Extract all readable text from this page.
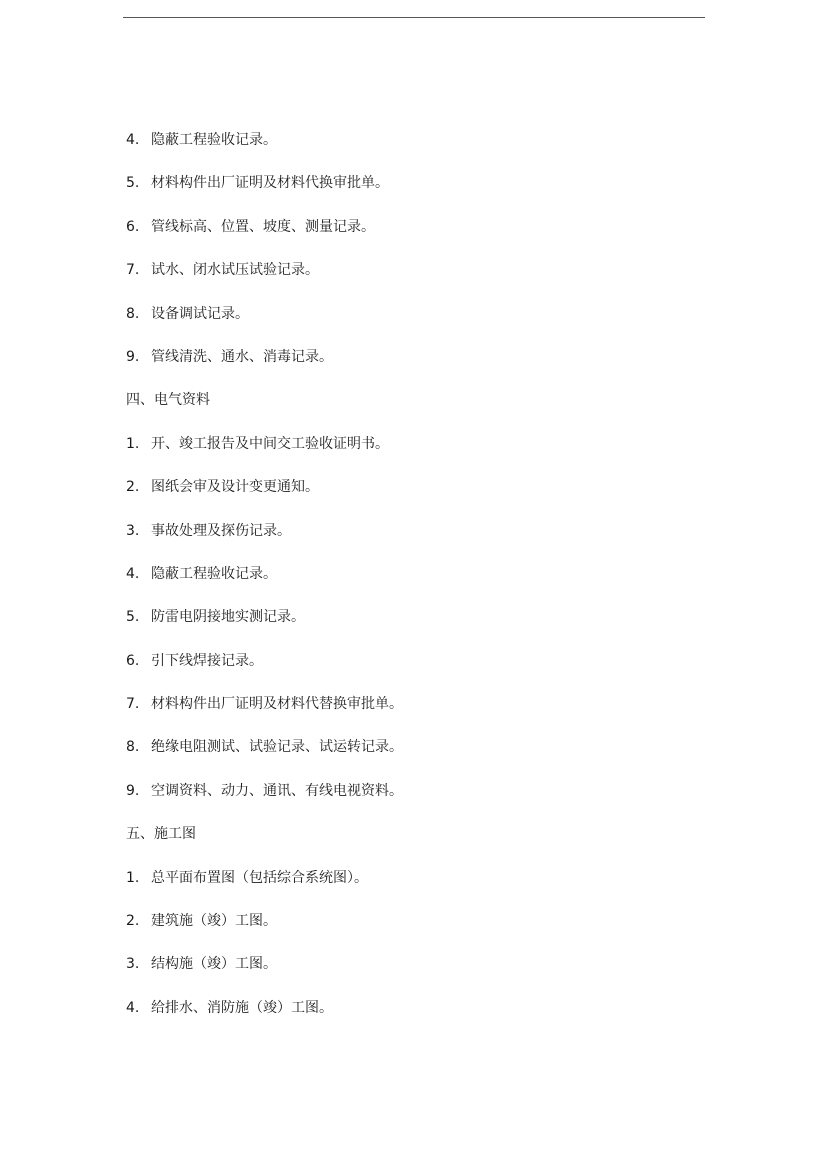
4. 隐蔽工程验收记录。
5. 材料构件出厂证明及材料代换审批单。
6. 管线标高、位置、坡度、测量记录。
7. 试水、闭水试压试验记录。
8. 设备调试记录。
9. 管线清洗、通水、消毒记录。
四、电气资料
1. 开、竣工报告及中间交工验收证明书。
2. 图纸会审及设计变更通知。
3. 事故处理及探伤记录。
4. 隐蔽工程验收记录。
5. 防雷电阴接地实测记录。
6. 引下线焊接记录。
7. 材料构件出厂证明及材料代替换审批单。
8. 绝缘电阻测试、试验记录、试运转记录。
9. 空调资料、动力、通讯、有线电视资料。
五、施工图
1. 总平面布置图（包括综合系统图）。
2. 建筑施（竣）工图。
3. 结构施（竣）工图。
4. 给排水、消防施（竣）工图。
